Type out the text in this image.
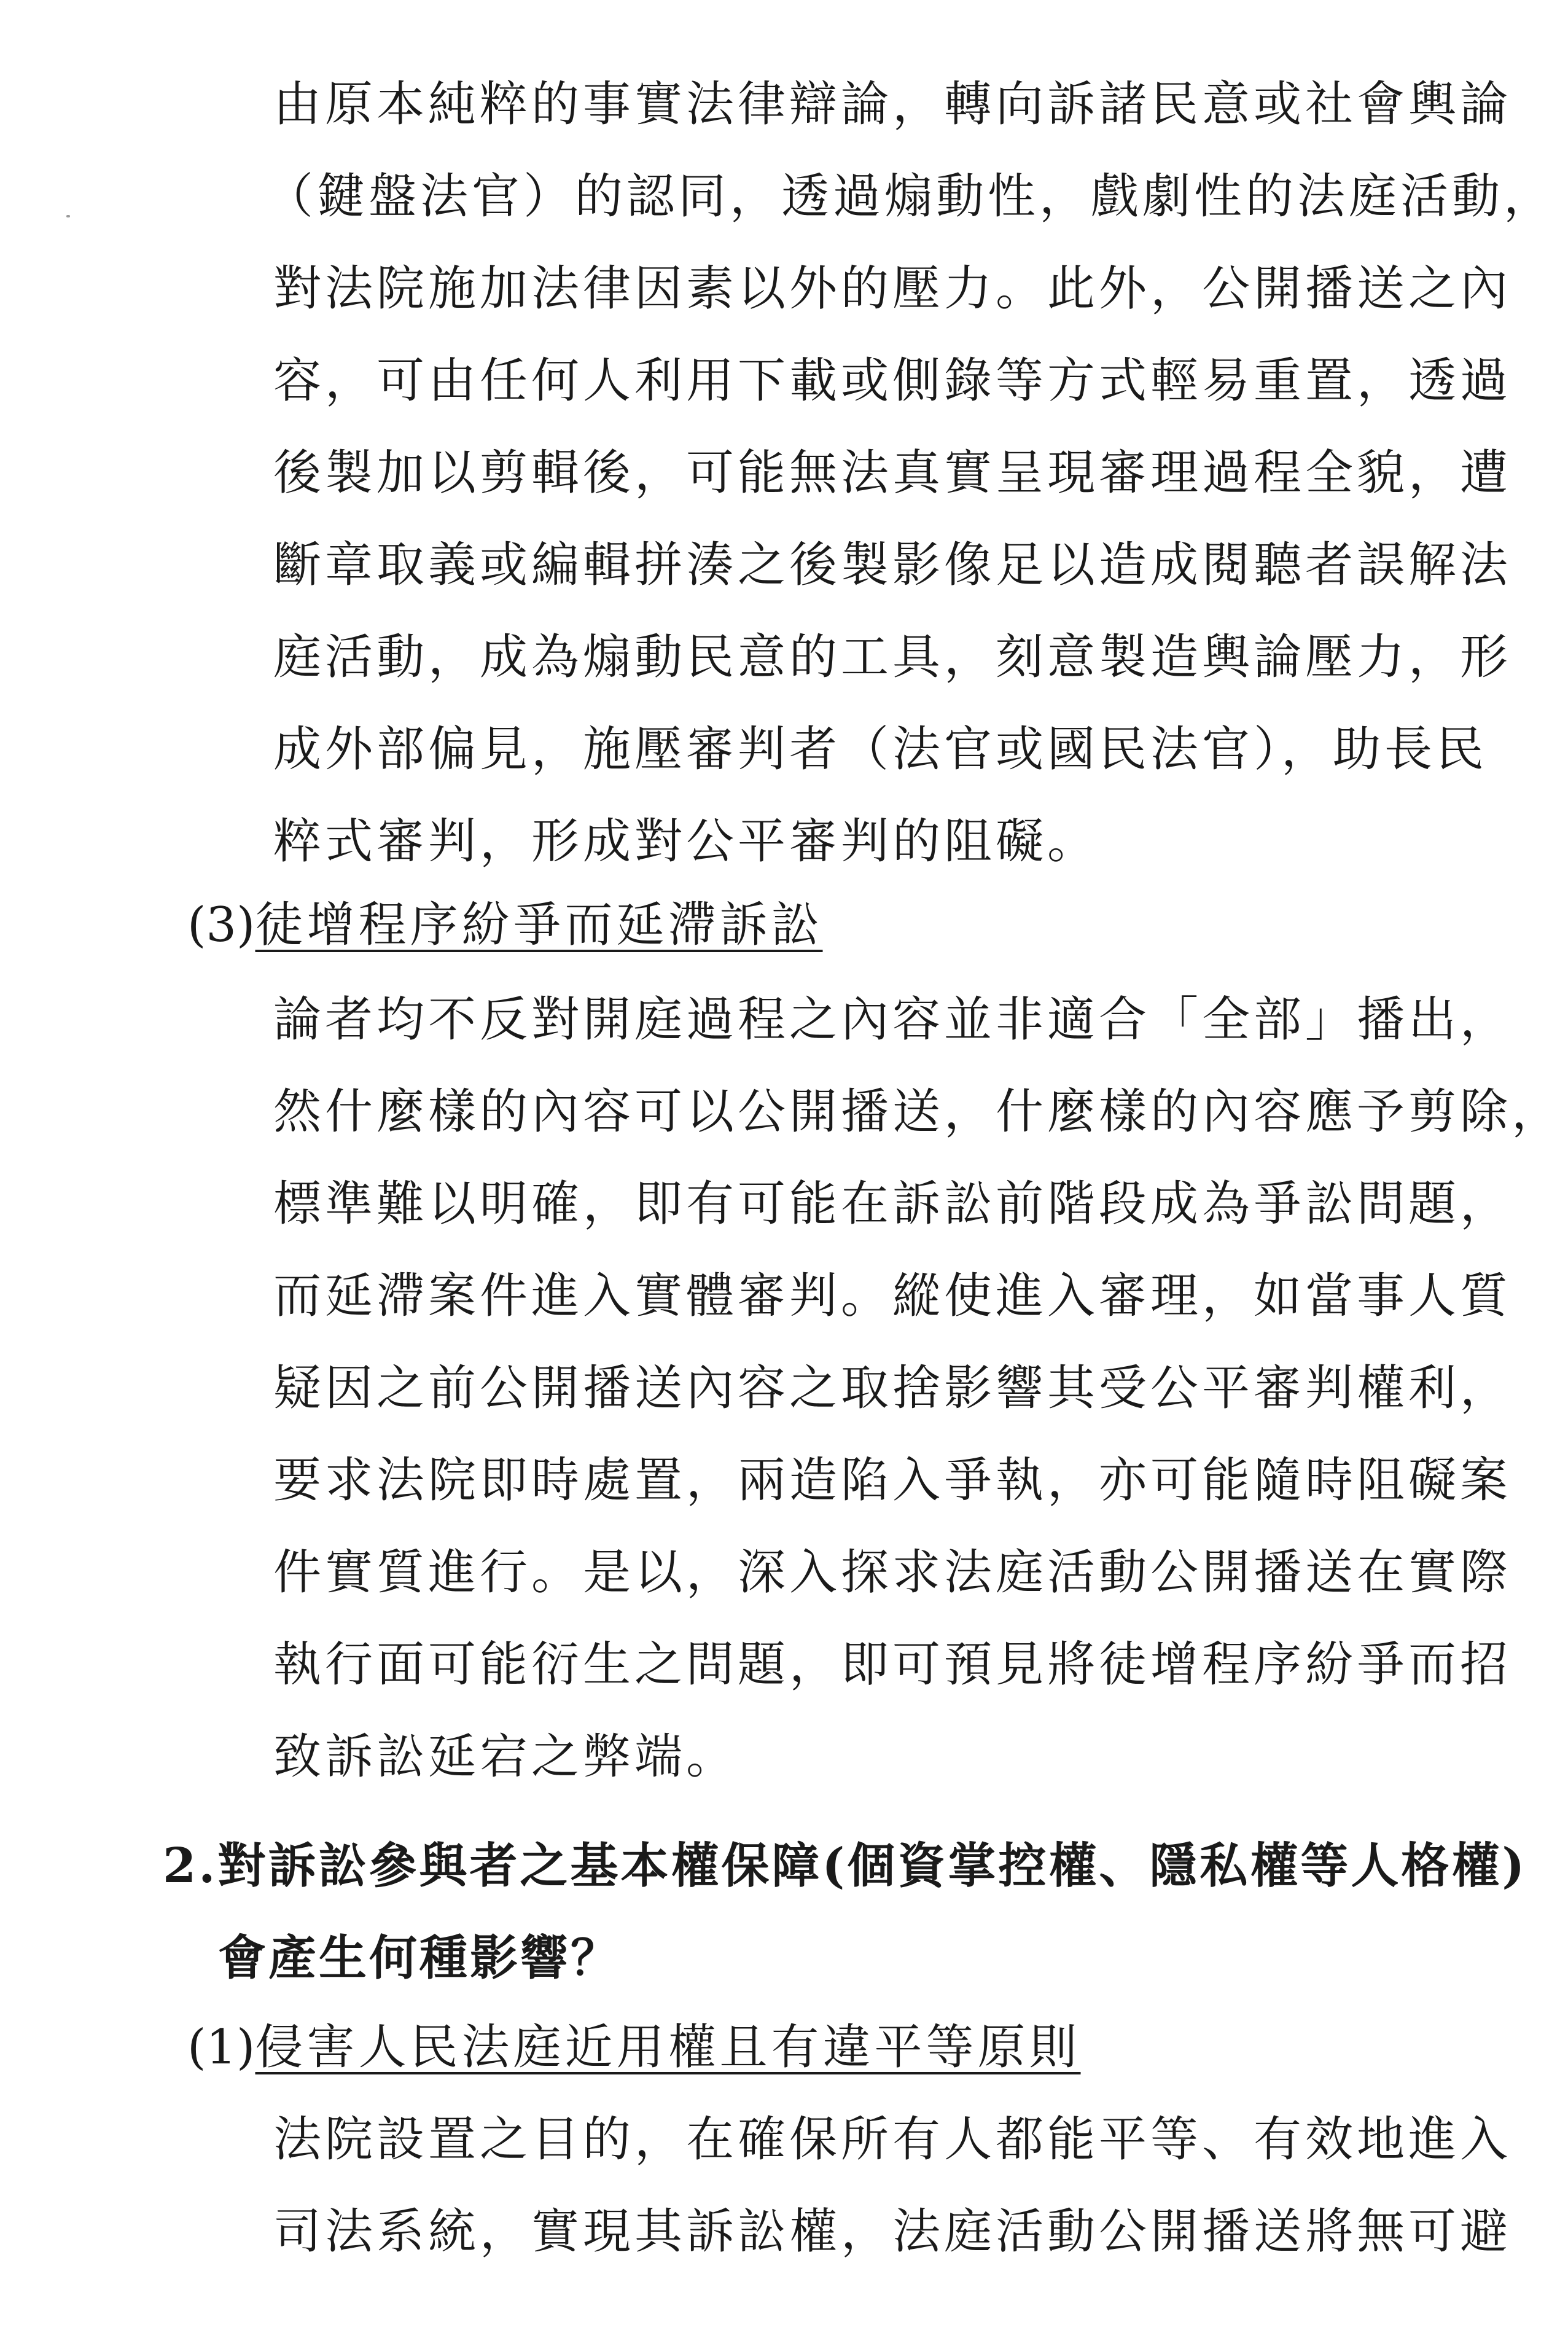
由原本純粹的事實法律辯論，轉向訴諸民意或社會輿論
（鍵盤法官）的認同，透過煽動性，戲劇性的法庭活動，
對法院施加法律因素以外的壓力。此外，公開播送之內
容，可由任何人利用下載或側錄等方式輕易重置，透過
後製加以剪輯後，可能無法真實呈現審理過程全貌，遭
斷章取義或編輯拼湊之後製影像足以造成閱聽者誤解法
庭活動，成為煽動民意的工具，刻意製造輿論壓力，形
成外部偏見，施壓審判者（法官或國民法官），助長民
粹式審判，形成對公平審判的阻礙。
(3)徒增程序紛爭而延滯訴訟
論者均不反對開庭過程之內容並非適合「全部」播出，
然什麼樣的內容可以公開播送，什麼樣的內容應予剪除，
標準難以明確，即有可能在訴訟前階段成為爭訟問題，
而延滯案件進入實體審判。縱使進入審理，如當事人質
疑因之前公開播送內容之取捨影響其受公平審判權利，
要求法院即時處置，兩造陷入爭執，亦可能隨時阻礙案
件實質進行。是以，深入探求法庭活動公開播送在實際
執行面可能衍生之問題，即可預見將徒增程序紛爭而招
致訴訟延宕之弊端。
2.對訴訟參與者之基本權保障(個資掌控權、隱私權等人格權)
會產生何種影響？
(1)侵害人民法庭近用權且有違平等原則
法院設置之目的，在確保所有人都能平等、有效地進入
司法系統，實現其訴訟權，法庭活動公開播送將無可避
